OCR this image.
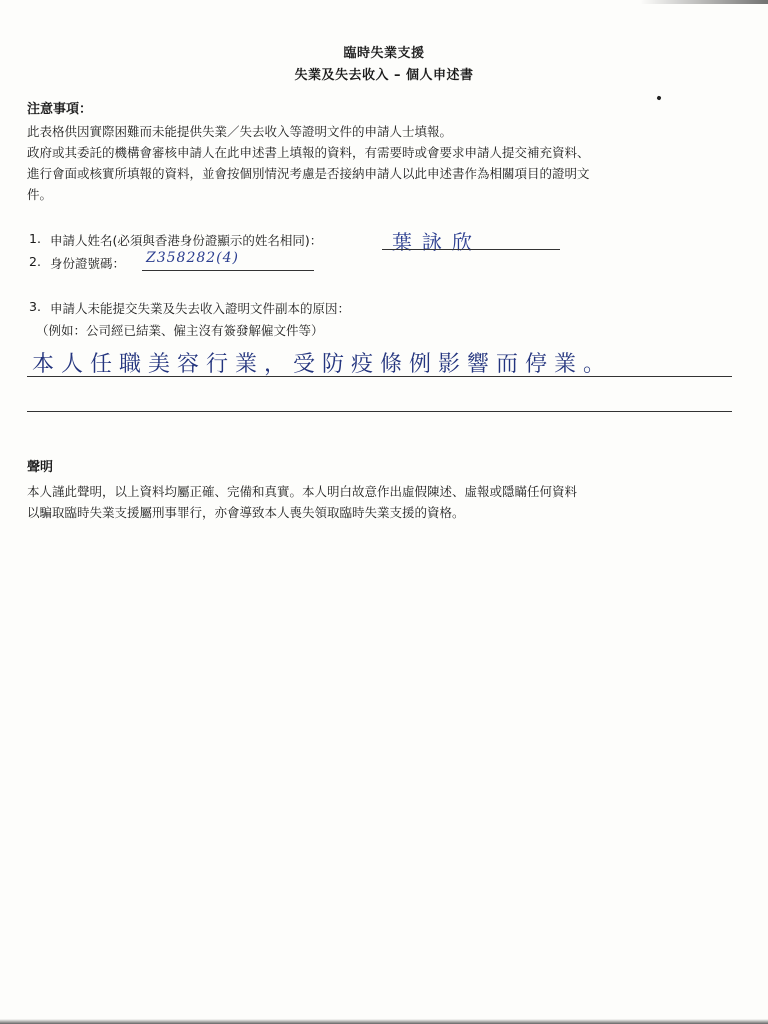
臨時失業支援
失業及失去收入 – 個人申述書
注意事項：
此表格供因實際困難而未能提供失業／失去收入等證明文件的申請人士填報。
政府或其委託的機構會審核申請人在此申述書上填報的資料，有需要時或會要求申請人提交補充資料、
進行會面或核實所填報的資料，並會按個別情況考慮是否接納申請人以此申述書作為相關項目的證明文
件。
1. 申請人姓名(必須與香港身份證顯示的姓名相同)：	葉詠欣
2. 身份證號碼： Z358282(4)
3. 申請人未能提交失業及失去收入證明文件副本的原因：
（例如：公司經已結業、僱主沒有簽發解僱文件等）
本人任職美容行業，受防疫條例影響而停業。
聲明
本人謹此聲明，以上資料均屬正確、完備和真實。本人明白故意作出虛假陳述、虛報或隱瞞任何資料
以騙取臨時失業支援屬刑事罪行，亦會導致本人喪失領取臨時失業支援的資格。
